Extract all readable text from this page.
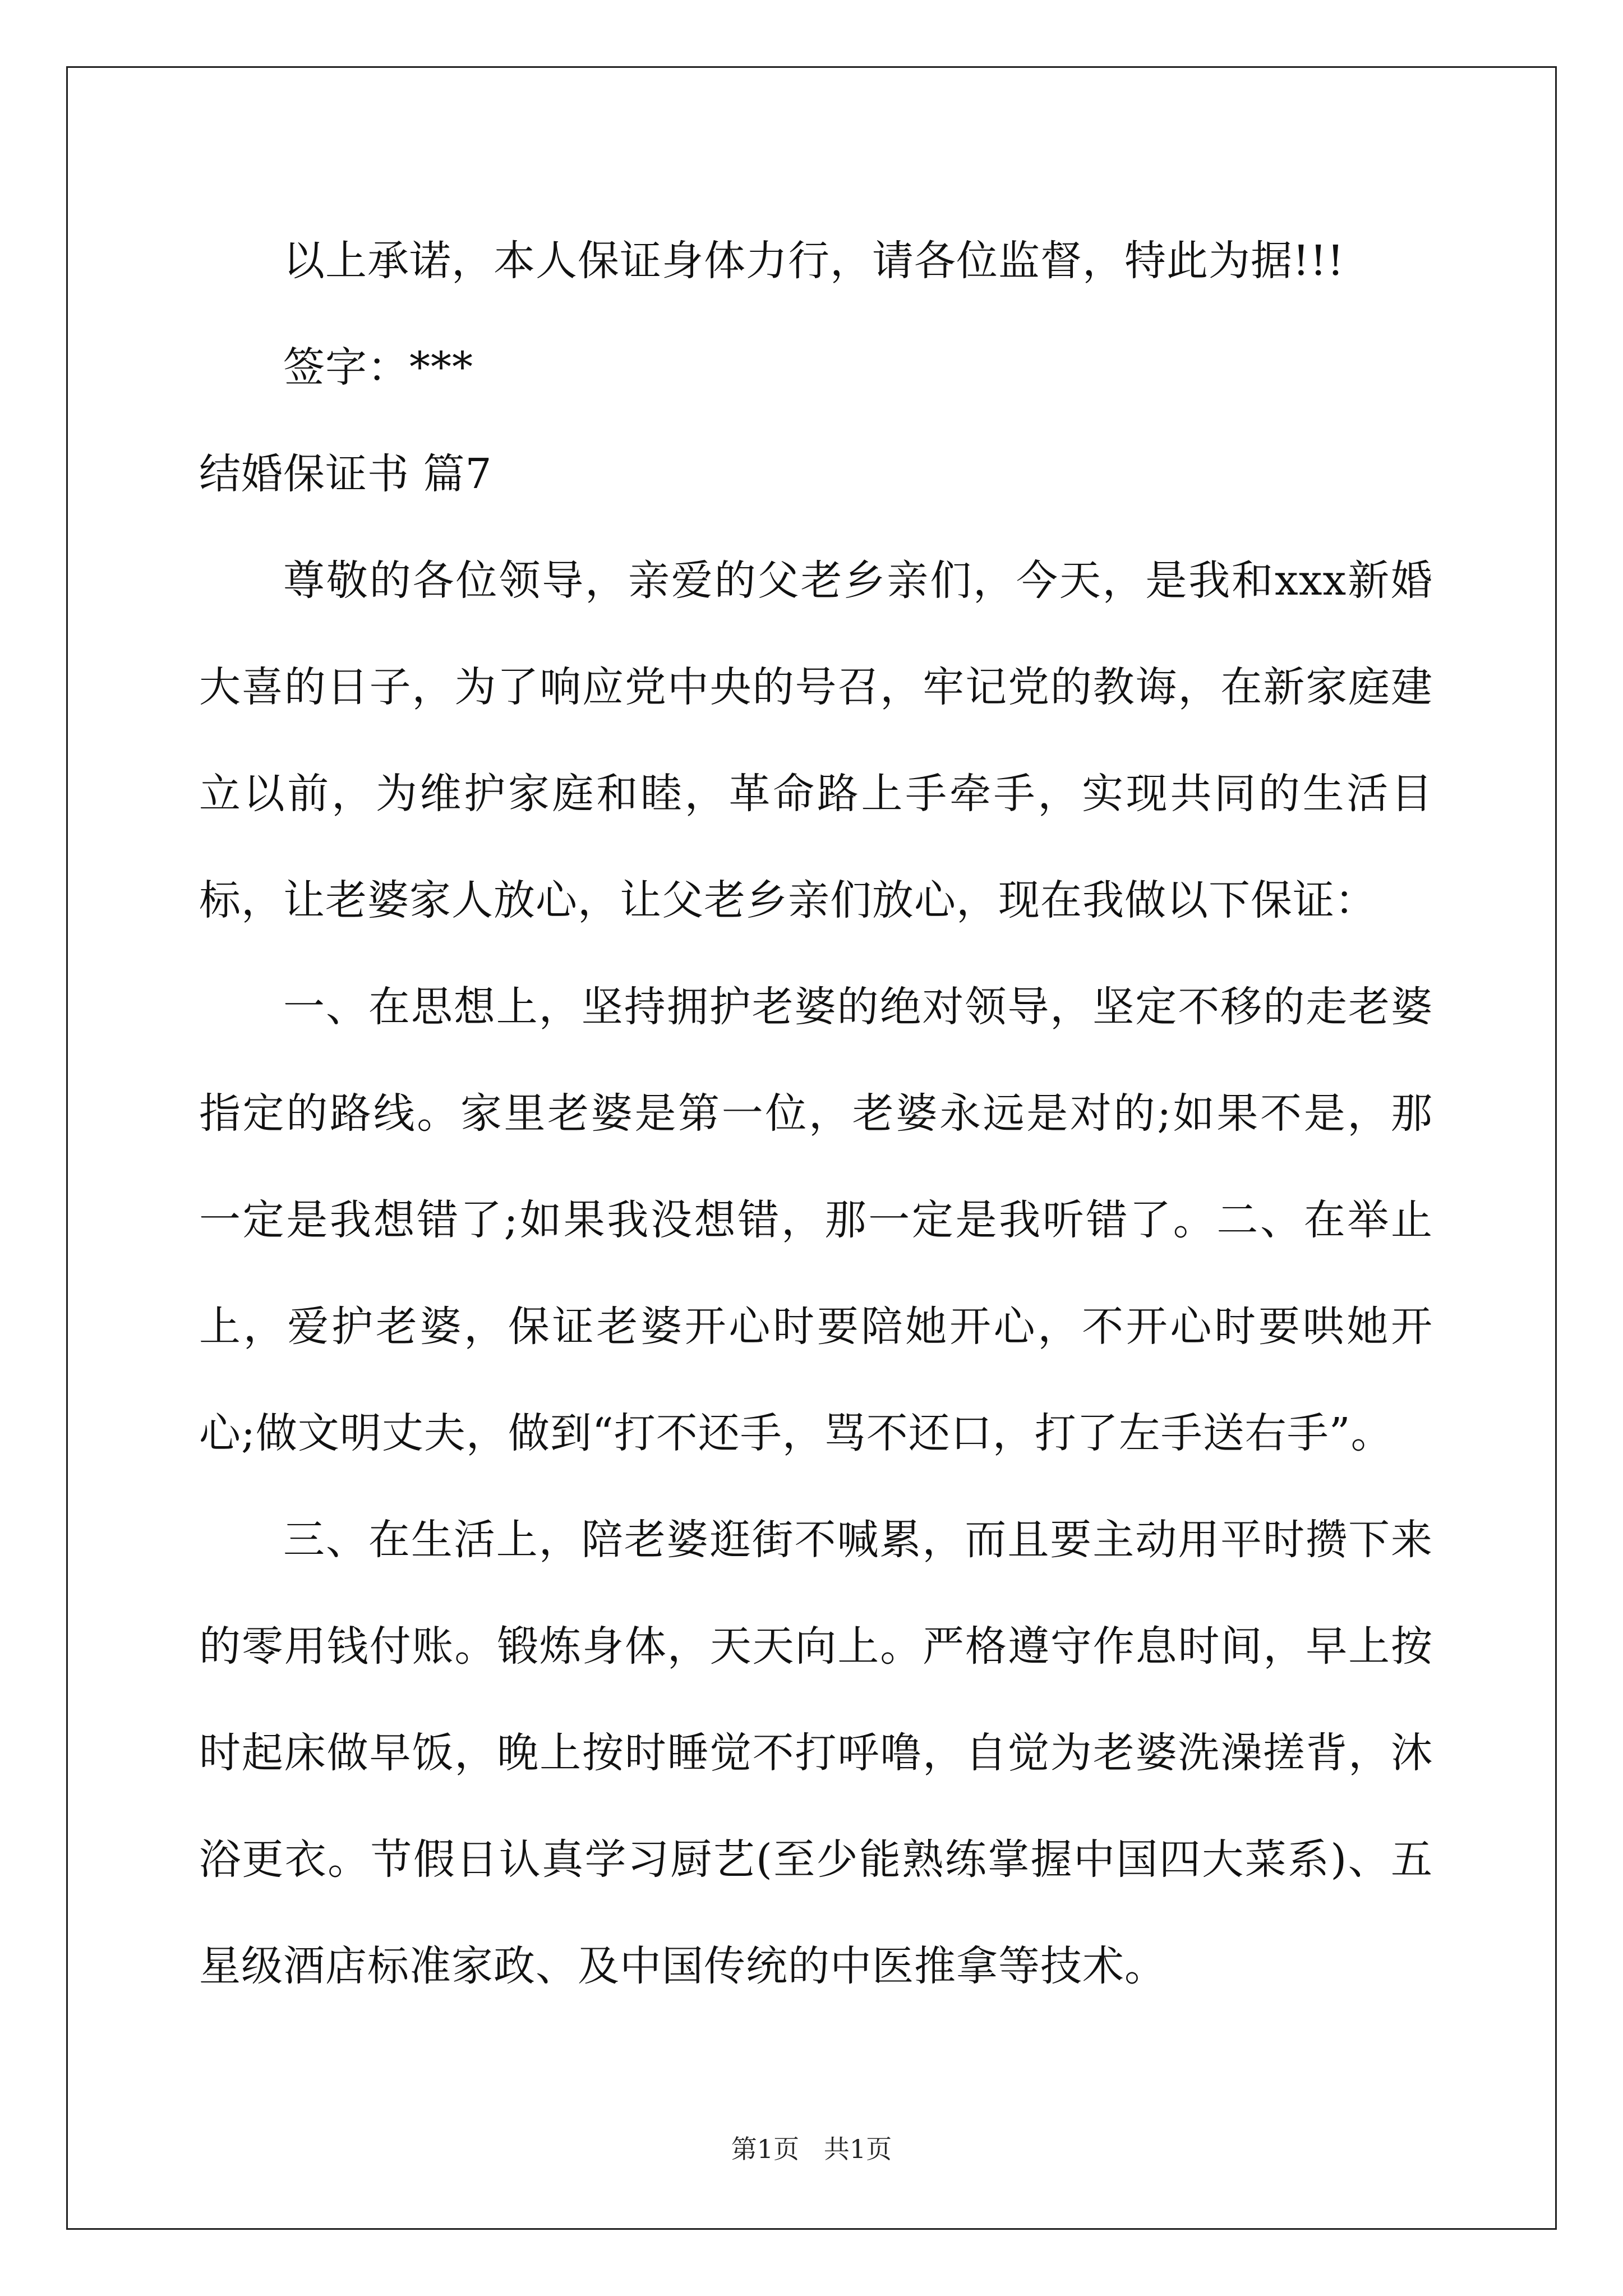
以上承诺，本人保证身体力行，请各位监督，特此为据!!!

签字：***

结婚保证书 篇7

尊敬的各位领导，亲爱的父老乡亲们，今天，是我和xxx新婚大喜的日子，为了响应党中央的号召，牢记党的教诲，在新家庭建立以前，为维护家庭和睦，革命路上手牵手，实现共同的生活目标，让老婆家人放心，让父老乡亲们放心，现在我做以下保证：

一、在思想上，坚持拥护老婆的绝对领导，坚定不移的走老婆指定的路线。家里老婆是第一位，老婆永远是对的;如果不是，那一定是我想错了;如果我没想错，那一定是我听错了。二、在举止上，爱护老婆，保证老婆开心时要陪她开心，不开心时要哄她开心;做文明丈夫，做到“打不还手，骂不还口，打了左手送右手”。

三、在生活上，陪老婆逛街不喊累，而且要主动用平时攒下来的零用钱付账。锻炼身体，天天向上。严格遵守作息时间，早上按时起床做早饭，晚上按时睡觉不打呼噜，自觉为老婆洗澡搓背，沐浴更衣。节假日认真学习厨艺(至少能熟练掌握中国四大菜系)、五星级酒店标准家政、及中国传统的中医推拿等技术。

第1页   共1页
